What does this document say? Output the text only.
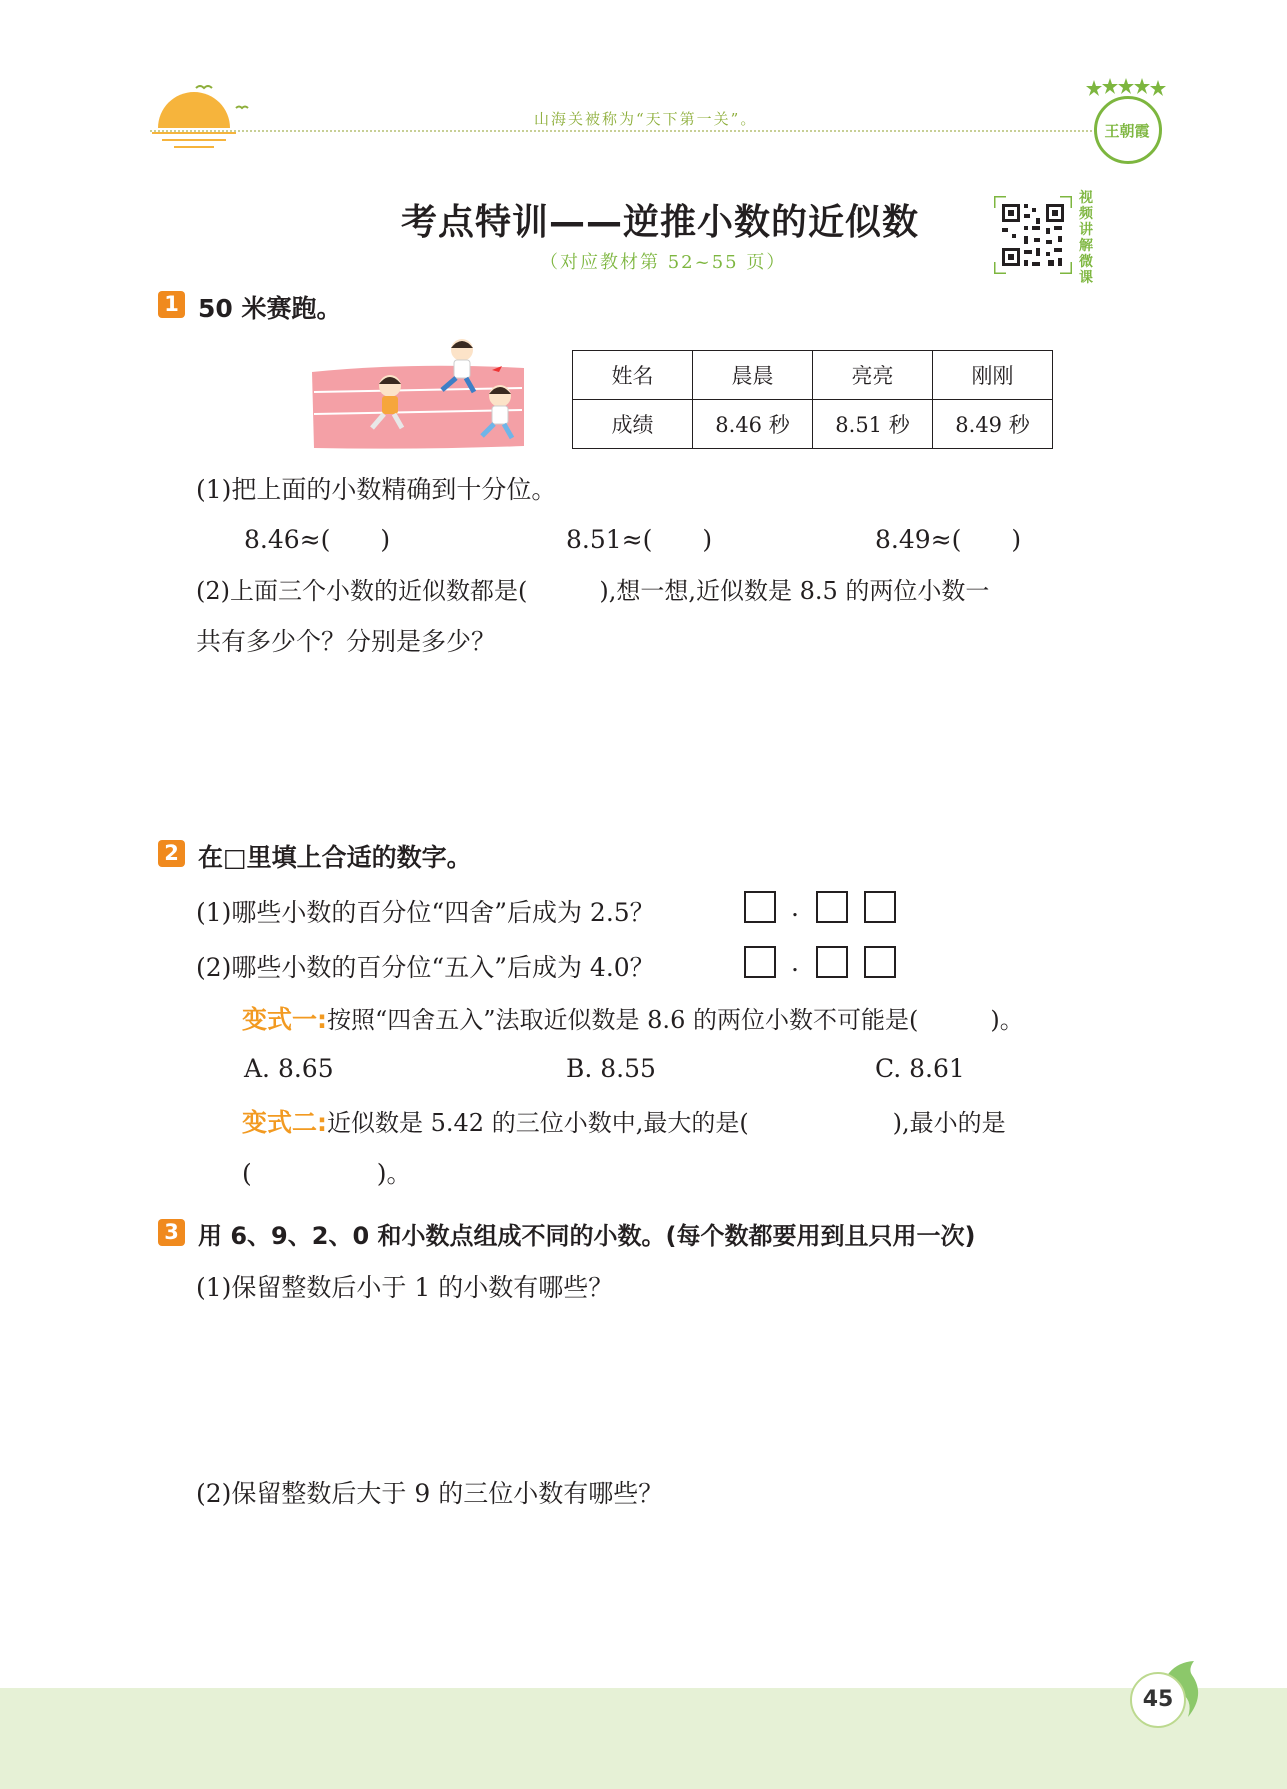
山海关被称为“天下第一关”。
王朝霞
考点特训——逆推小数的近似数
（对应教材第 52~55 页）
视频讲解微课
1 50 米赛跑。
姓名	晨晨	亮亮	刚刚
成绩	8.46 秒	8.51 秒	8.49 秒
(1)把上面的小数精确到十分位。
8.46≈(　　)	8.51≈(　　)	8.49≈(　　)
(2)上面三个小数的近似数都是(　　　),想一想,近似数是 8.5 的两位小数一
共有多少个？分别是多少？
2 在□里填上合适的数字。
(1)哪些小数的百分位“四舍”后成为 2.5？	.
(2)哪些小数的百分位“五入”后成为 4.0？	.
变式一:按照“四舍五入”法取近似数是 8.6 的两位小数不可能是(　　　)。
A. 8.65	B. 8.55	C. 8.61
变式二:近似数是 5.42 的三位小数中,最大的是(　　　　　　),最小的是
(　　　　　)。
3 用 6、9、2、0 和小数点组成不同的小数。(每个数都要用到且只用一次)
(1)保留整数后小于 1 的小数有哪些？
(2)保留整数后大于 9 的三位小数有哪些？
45
